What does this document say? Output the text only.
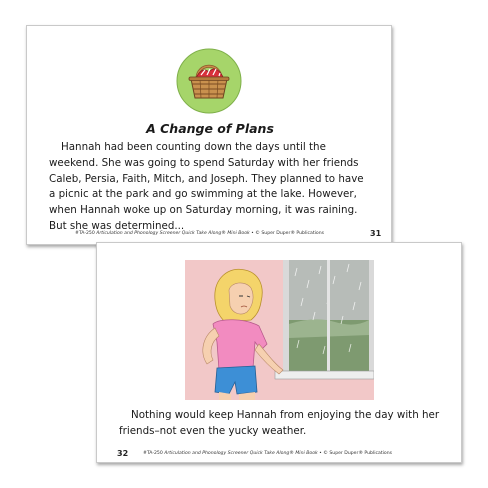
A Change of Plans

Hannah had been counting down the days until the weekend. She was going to spend Saturday with her friends Caleb, Persia, Faith, Mitch, and Joseph. They planned to have a picnic at the park and go swimming at the lake. However, when Hannah woke up on Saturday morning, it was raining. But she was determined...

#TA-250 Articulation and Phonology Screener Quick Take Along® Mini Book • © Super Duper® Publications	31

Nothing would keep Hannah from enjoying the day with her friends–not even the yucky weather.

32	#TA-250 Articulation and Phonology Screener Quick Take Along® Mini Book • © Super Duper® Publications
